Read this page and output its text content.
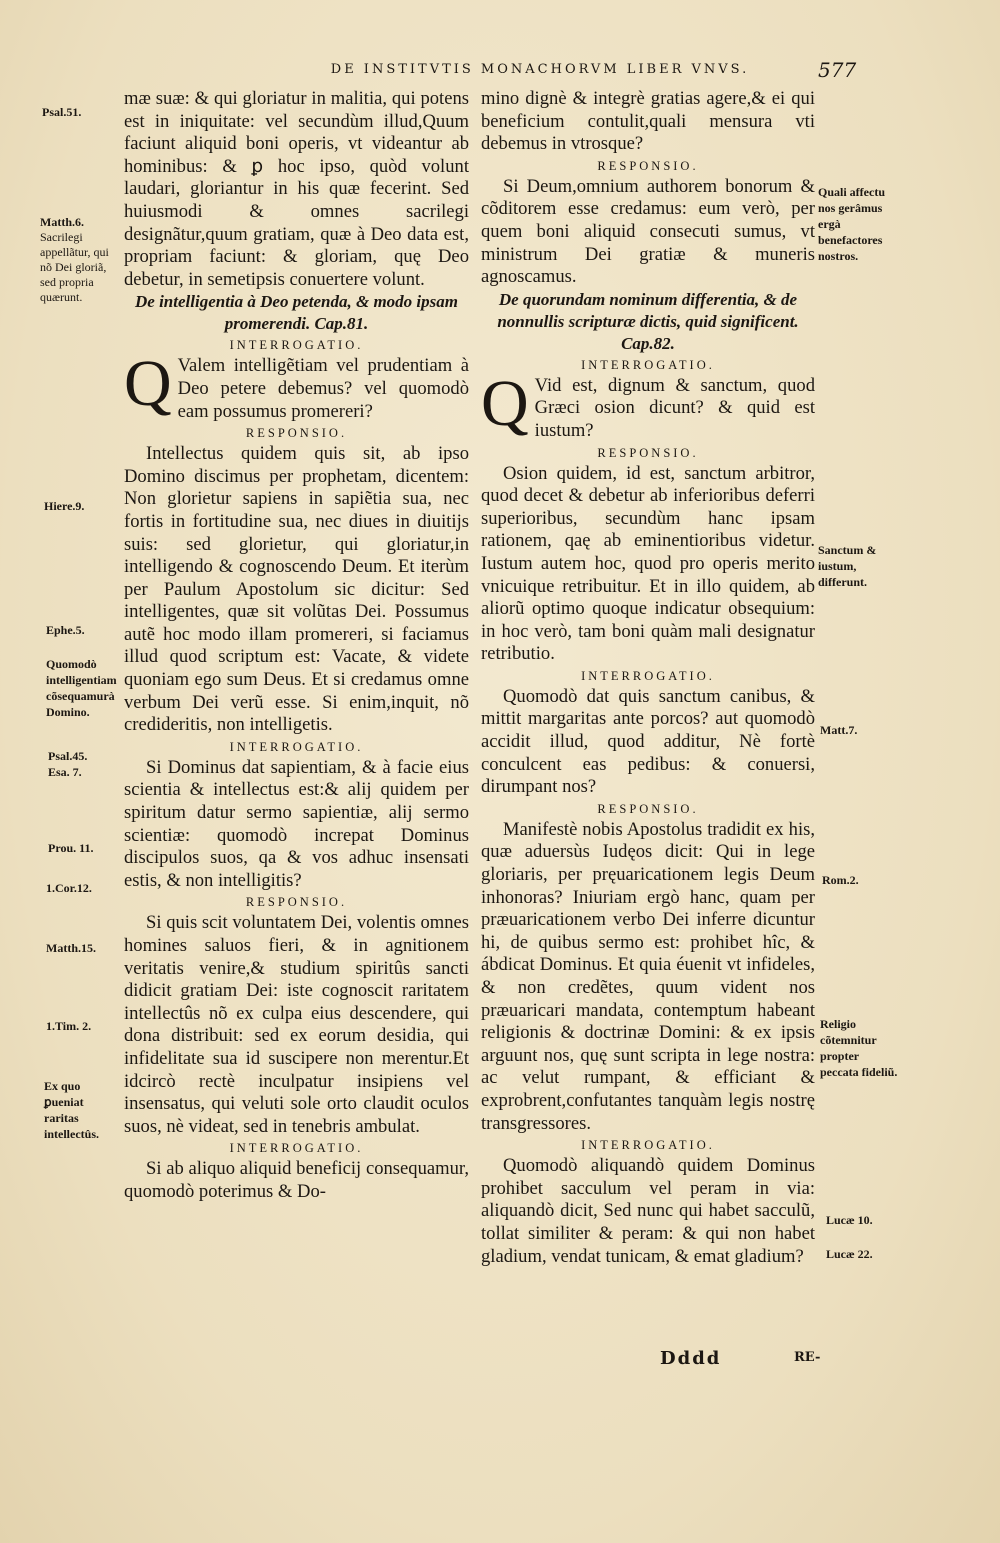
DE INSTITVTIS MONACHORVM LIBER VNVS.	577
Psal.51.
Matth.6.
Sacrilegi appellãtur, qui nõ Dei gloriã, sed propria quærunt.
Hiere.9.
Ephe.5.
Quomodò intelligentiam cõsequamurà Domino.
Psal.45.
Esa. 7.
Prou. 11.
1.Cor.12.
Matth.15.
1.Tim. 2.
Ex quo ꝑueniat raritas intellectûs.

mæ suæ: & qui gloriatur in malitia, qui potens est in iniquitate: vel secundùm illud,Quum faciunt aliquid boni operis, vt videantur ab hominibus: & ꝑ hoc ipso, quòd volunt laudari, gloriantur in his quæ fecerint. Sed huiusmodi & omnes sacrilegi designãtur,quum gratiam, quæ à Deo data est, propriam faciunt: & gloriam, quę Deo debetur, in semetipsis conuertere volunt.

De intelligentia à Deo petenda, & modo ipsam promerendi. Cap.81.
INTERROGATIO.

Q Valem intelligẽtiam vel prudentiam à Deo petere debemus? vel quomodò eam possumus promereri?

RESPONSIO.

Intellectus quidem quis sit, ab ipso Domino discimus per prophetam, dicentem: Non glorietur sapiens in sapiẽtia sua, nec fortis in fortitudine sua, nec diues in diuitijs suis: sed glorietur, qui gloriatur,in intelligendo & cognoscendo Deum. Et iterùm per Paulum Apostolum sic dicitur: Sed intelligentes, quæ sit volũtas Dei. Possumus autẽ hoc modo illam promereri, si faciamus illud quod scriptum est: Vacate, & videte quoniam ego sum Deus. Et si credamus omne verbum Dei verũ esse. Si enim,inquit, nõ credideritis, non intelligetis.

INTERROGATIO.

Si Dominus dat sapientiam, & à facie eius scientia & intellectus est:& alij quidem per spiritum datur sermo sapientiæ, alij sermo scientiæ: quomodò increpat Dominus discipulos suos, qa & vos adhuc insensati estis, & non intelligitis?

RESPONSIO.

Si quis scit voluntatem Dei, volentis omnes homines saluos fieri, & in agnitionem veritatis venire,& studium spiritûs sancti didicit gratiam Dei: iste cognoscit raritatem intellectûs nõ ex culpa eius descendere, qui dona distribuit: sed ex eorum desidia, qui infidelitate sua id suscipere non merentur.Et idcircò rectè inculpatur insipiens vel insensatus, qui veluti sole orto claudit oculos suos, nè videat, sed in tenebris ambulat.

INTERROGATIO.

Si ab aliquo aliquid beneficij consequamur, quomodò poterimus & Do-

mino dignè & integrè gratias agere,& ei qui beneficium contulit,quali mensura vti debemus in vtrosque?

RESPONSIO.

Si Deum,omnium authorem bonorum & cõditorem esse credamus: eum verò, per quem boni aliquid consecuti sumus, vt ministrum Dei gratiæ & muneris agnoscamus.

De quorundam nominum differentia, & de nonnullis scripturæ dictis, quid significent. Cap.82.
INTERROGATIO.

Q Vid est, dignum & sanctum, quod Græci osion dicunt? & quid est iustum?

RESPONSIO.

Osion quidem, id est, sanctum arbitror, quod decet & debetur ab inferioribus deferri superioribus, secundùm hanc ipsam rationem, qaę ab eminentioribus videtur. Iustum autem hoc, quod pro operis merito vnicuique retribuitur. Et in illo quidem, ab aliorũ optimo quoque indicatur obsequium: in hoc verò, tam boni quàm mali designatur retributio.

INTERROGATIO.

Quomodò dat quis sanctum canibus, & mittit margaritas ante porcos? aut quomodò accidit illud, quod additur, Nè fortè conculcent eas pedibus: & conuersi, dirumpant nos?

RESPONSIO.

Manifestè nobis Apostolus tradidit ex his, quæ aduersùs Iudęos dicit: Qui in lege gloriaris, per pręuaricationem legis Deum inhonoras? Iniuriam ergò hanc, quam per præuaricationem verbo Dei inferre dicuntur hi, de quibus sermo est: prohibet hîc, & ábdicat Dominus. Et quia éuenit vt infideles, & non credẽtes, quum vident nos præuaricari mandata, contemptum habeant religionis & doctrinæ Domini: & ex ipsis arguunt nos, quę sunt scripta in lege nostra: ac velut rumpant, & efficiant & exprobrent,confutantes tanquàm legis nostrę transgressores.

INTERROGATIO.

Quomodò aliquandò quidem Dominus prohibet sacculum vel peram in via: aliquandò dicit, Sed nunc qui habet sacculũ, tollat similiter & peram: & qui non habet gladium, vendat tunicam, & emat gladium?

Quali affectu nos gerâmus ergà benefactores nostros.
Sanctum & iustum, differunt.
Matt.7.
Rom.2.
Religio cõtemnitur propter peccata fideliũ.
Lucæ 10.
Lucæ 22.
Dddd	RE-
